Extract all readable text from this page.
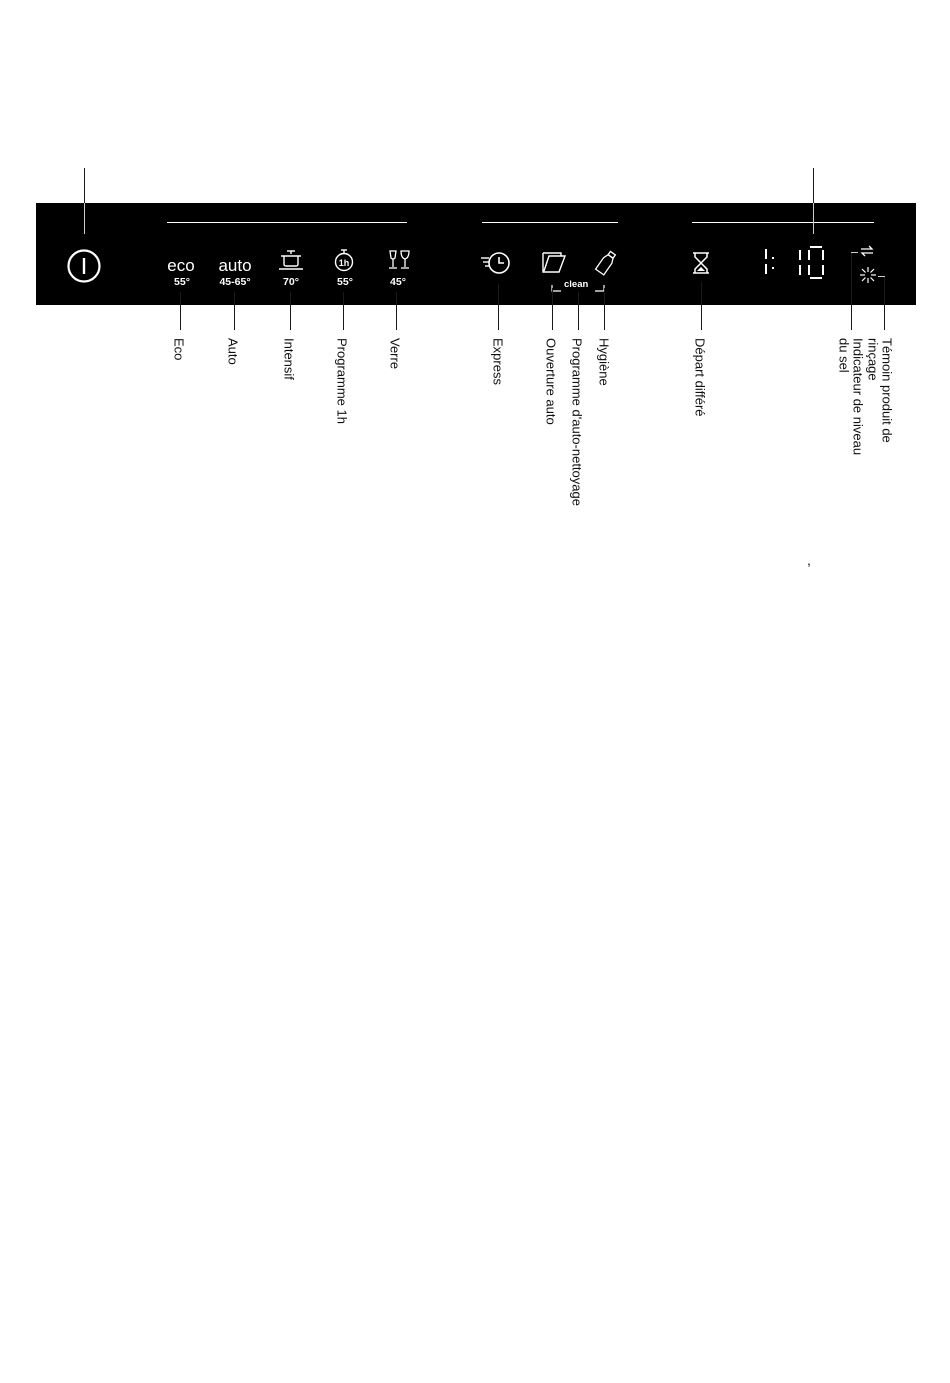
eco
55°
auto
45-65°	70°
1h
55°	45°	clean
Eco	Auto	Intensif	Programme 1h	Verre	Express	Ouverture auto Programme d'auto-nettoyage Hygiène	Départ différé	Indicateur de niveau du sel	Témoin produit de rinçage
,
